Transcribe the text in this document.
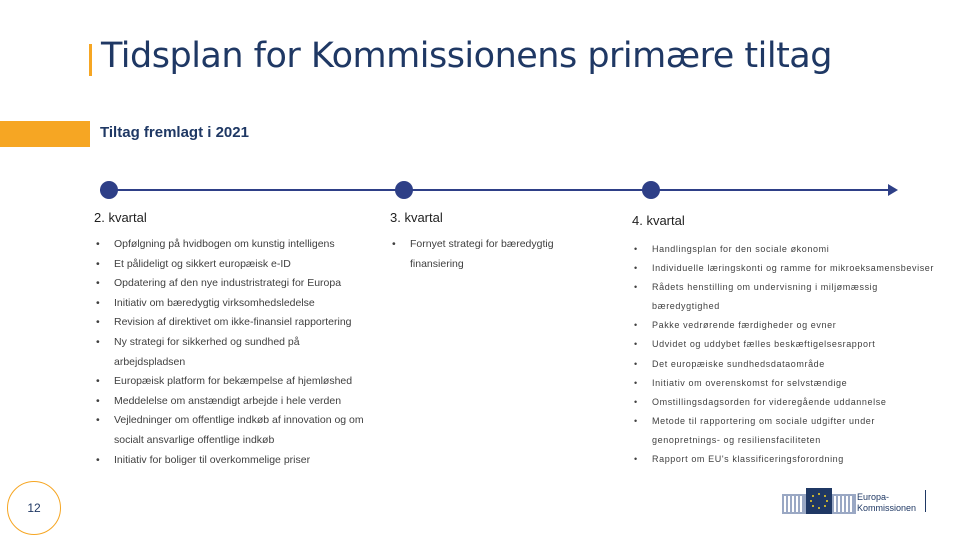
Tidsplan for Kommissionens primære tiltag
Tiltag fremlagt i 2021
2. kvartal
• Opfølgning på hvidbogen om kunstig intelligens
• Et pålideligt og sikkert europæisk e-ID
• Opdatering af den nye industristrategi for Europa
• Initiativ om bæredygtig virksomhedsledelse
• Revision af direktivet om ikke-finansiel rapportering
• Ny strategi for sikkerhed og sundhed på arbejdspladsen
• Europæisk platform for bekæmpelse af hjemløshed
• Meddelelse om anstændigt arbejde i hele verden
• Vejledninger om offentlige indkøb af innovation og om socialt ansvarlige offentlige indkøb
• Initiativ for boliger til overkommelige priser
3. kvartal
• Fornyet strategi for bæredygtig finansiering
4. kvartal
• Handlingsplan for den sociale økonomi
• Individuelle læringskonti og ramme for mikroeksamensbeviser
• Rådets henstilling om undervisning i miljømæssig bæredygtighed
• Pakke vedrørende færdigheder og evner
• Udvidet og uddybet fælles beskæftigelsesrapport
• Det europæiske sundhedsdataområde
• Initiativ om overenskomst for selvstændige
• Omstillingsdagsorden for videregående uddannelse
• Metode til rapportering om sociale udgifter under genopretnings- og resiliensfaciliteten
• Rapport om EU's klassificeringsforordning
12
Europa-
Kommissionen
